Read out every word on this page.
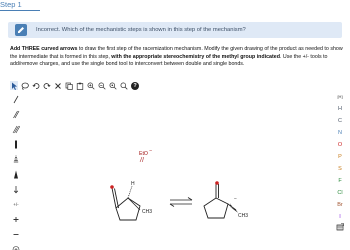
Step 1
Incorrect. Which of the mechanistic steps is shown in this step of the mechanism?
Add THREE curved arrows to draw the first step of the racemization mechanism. Modify the given drawing of the product as needed to show the intermediate that is formed in this step, with the appropriate stereochemistry of the methyl group indicated. Use the +/- tools to add/remove charges, and use the single bond tool to interconvert between double and single bonds.
?
+/-
[H]
H
C
N
O
P
S
F
Cl
Br
I
H
CH3
EtO −
+
−
CH3
